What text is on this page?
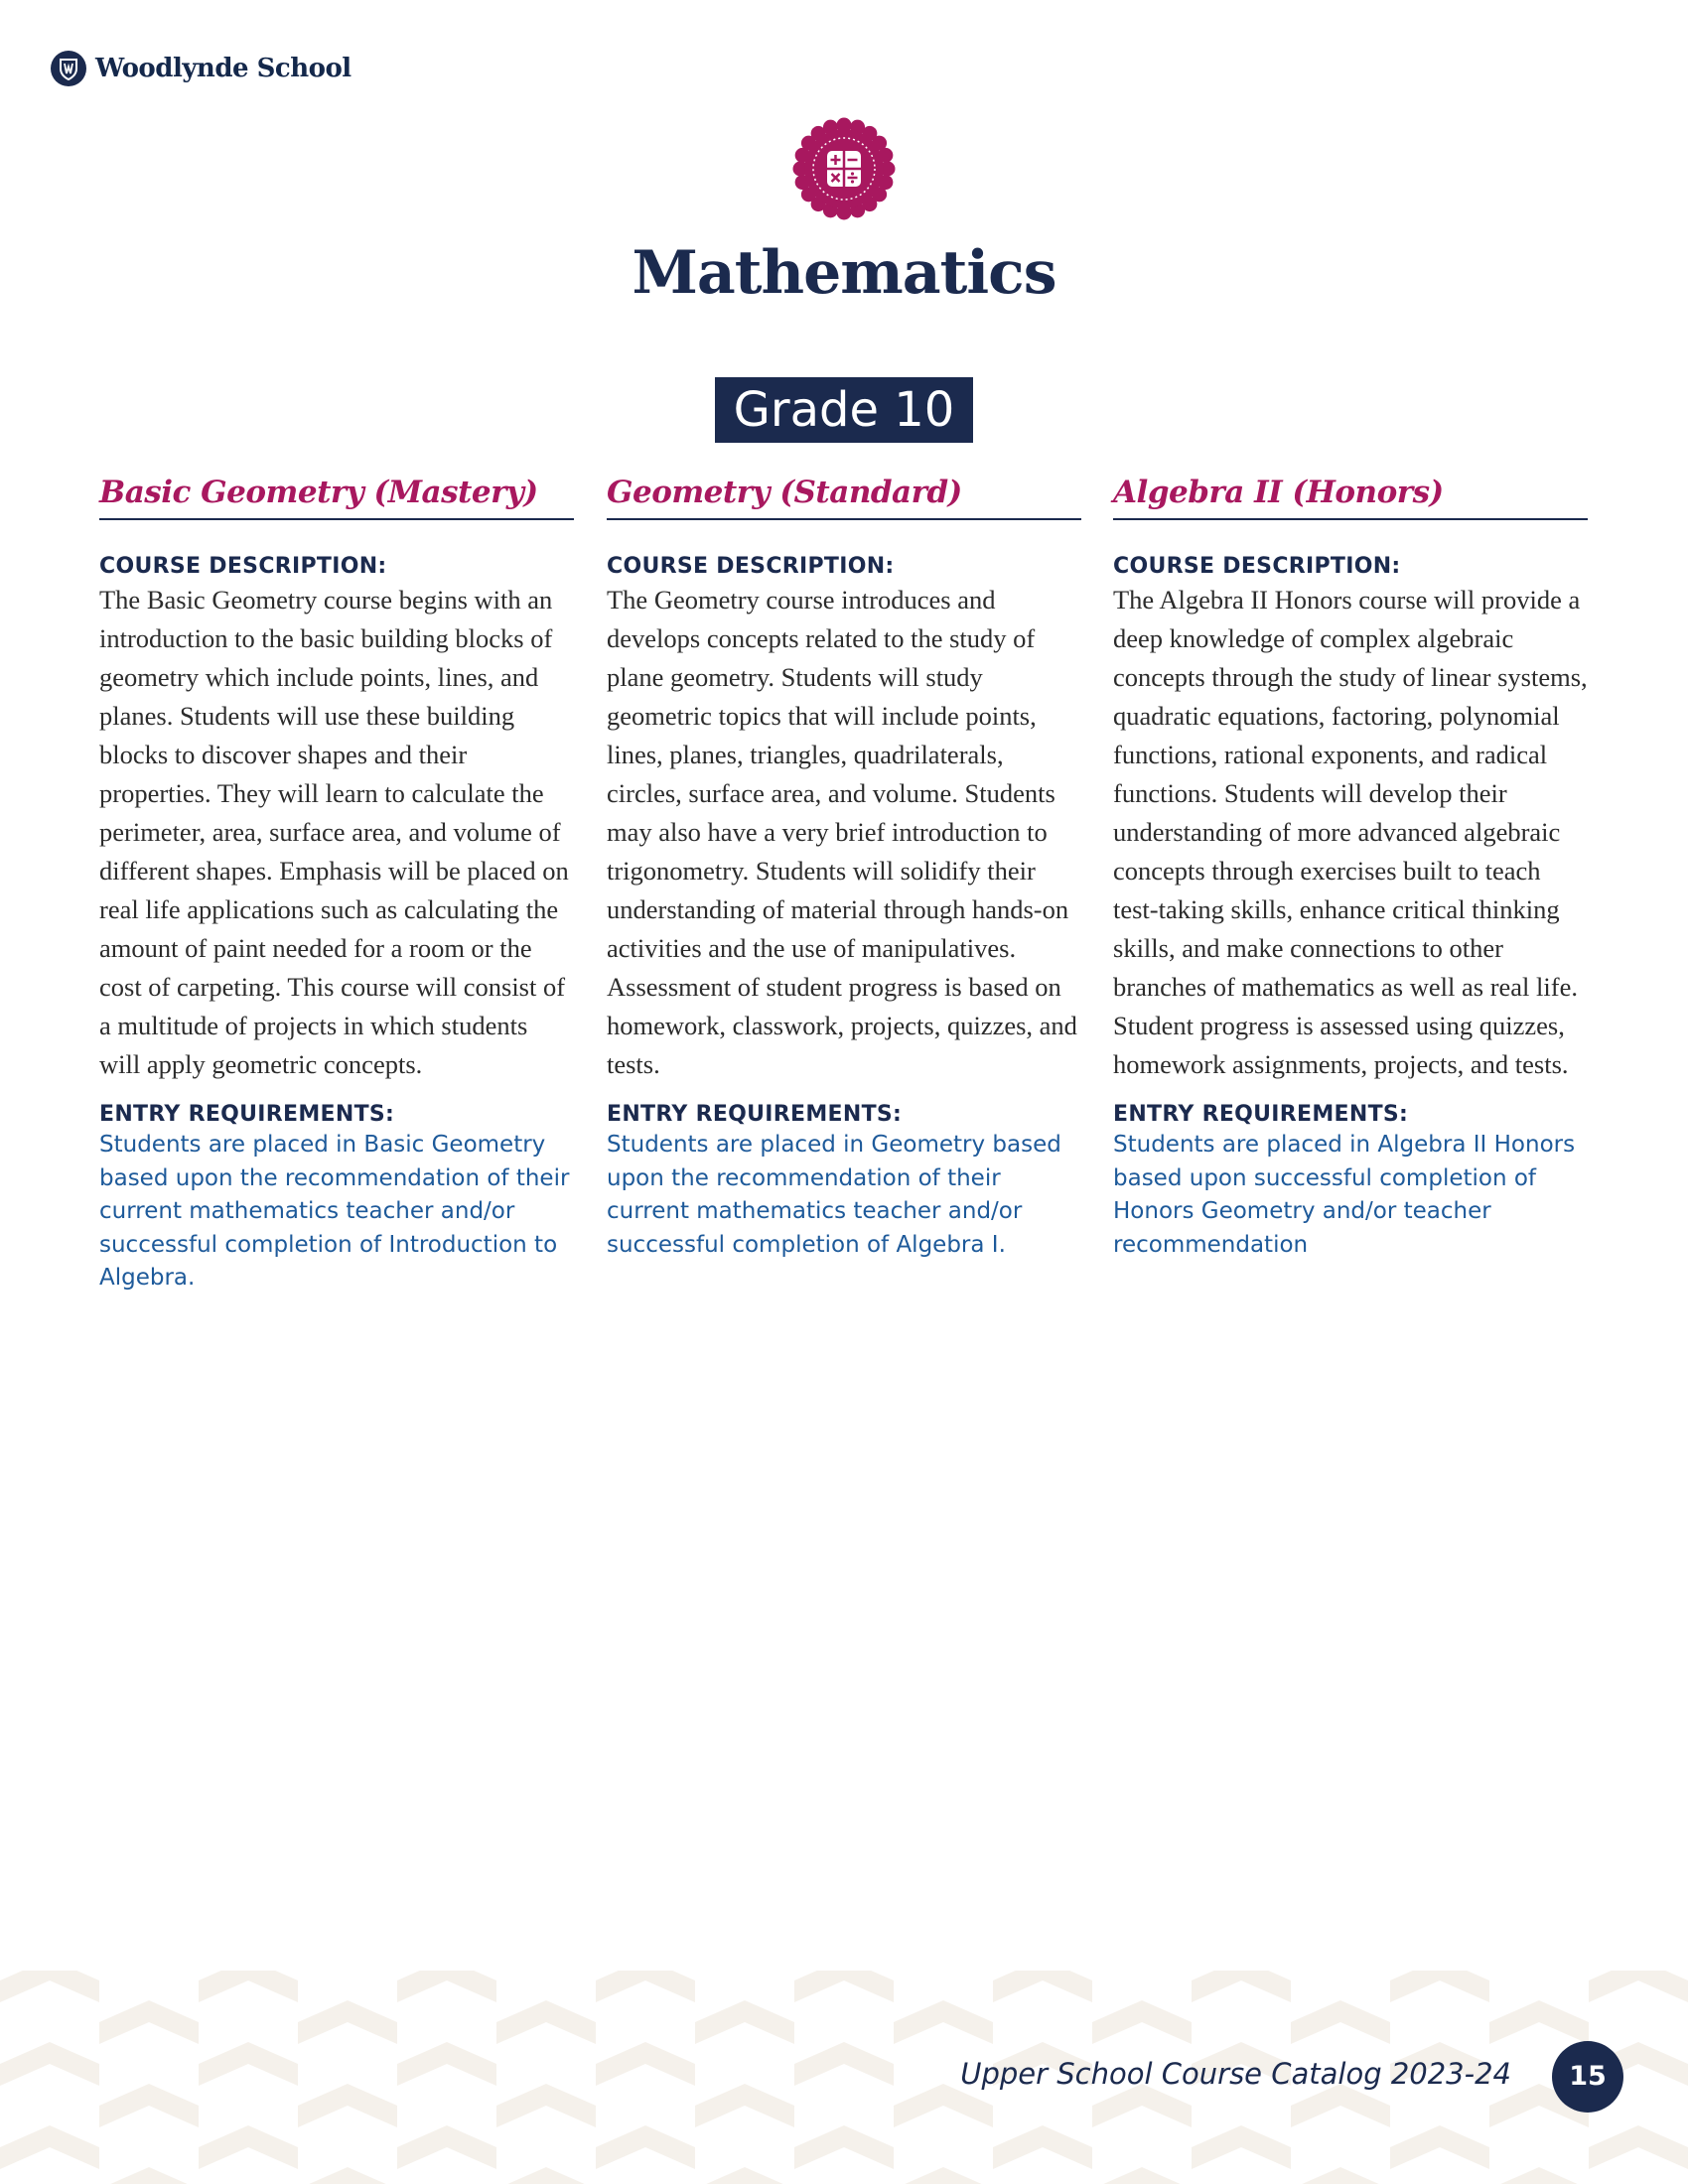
Woodlynde School
Mathematics
Grade 10
Basic Geometry (Mastery)
COURSE DESCRIPTION:

The Basic Geometry course begins with an introduction to the basic building blocks of geometry which include points, lines, and planes. Students will use these building blocks to discover shapes and their properties. They will learn to calculate the perimeter, area, surface area, and volume of different shapes. Emphasis will be placed on real life applications such as calculating the amount of paint needed for a room or the cost of carpeting. This course will consist of a multitude of projects in which students will apply geometric concepts.

ENTRY REQUIREMENTS:

Students are placed in Basic Geometry based upon the recommendation of their current mathematics teacher and/or successful completion of Introduction to Algebra.

Geometry (Standard)
COURSE DESCRIPTION:

The Geometry course introduces and develops concepts related to the study of plane geometry. Students will study geometric topics that will include points, lines, planes, triangles, quadrilaterals, circles, surface area, and volume. Students may also have a very brief introduction to trigonometry. Students will solidify their understanding of material through hands-on activities and the use of manipulatives. Assessment of student progress is based on homework, classwork, projects, quizzes, and tests.

ENTRY REQUIREMENTS:

Students are placed in Geometry based upon the recommendation of their current mathematics teacher and/or successful completion of Algebra I.

Algebra II (Honors)
COURSE DESCRIPTION:

The Algebra II Honors course will provide a deep knowledge of complex algebraic concepts through the study of linear systems, quadratic equations, factoring, polynomial functions, rational exponents, and radical functions. Students will develop their understanding of more advanced algebraic concepts through exercises built to teach test-taking skills, enhance critical thinking skills, and make connections to other branches of mathematics as well as real life. Student progress is assessed using quizzes, homework assignments, projects, and tests.

ENTRY REQUIREMENTS:

Students are placed in Algebra II Honors based upon successful completion of Honors Geometry and/or teacher recommendation

Upper School Course Catalog 2023-24	15
